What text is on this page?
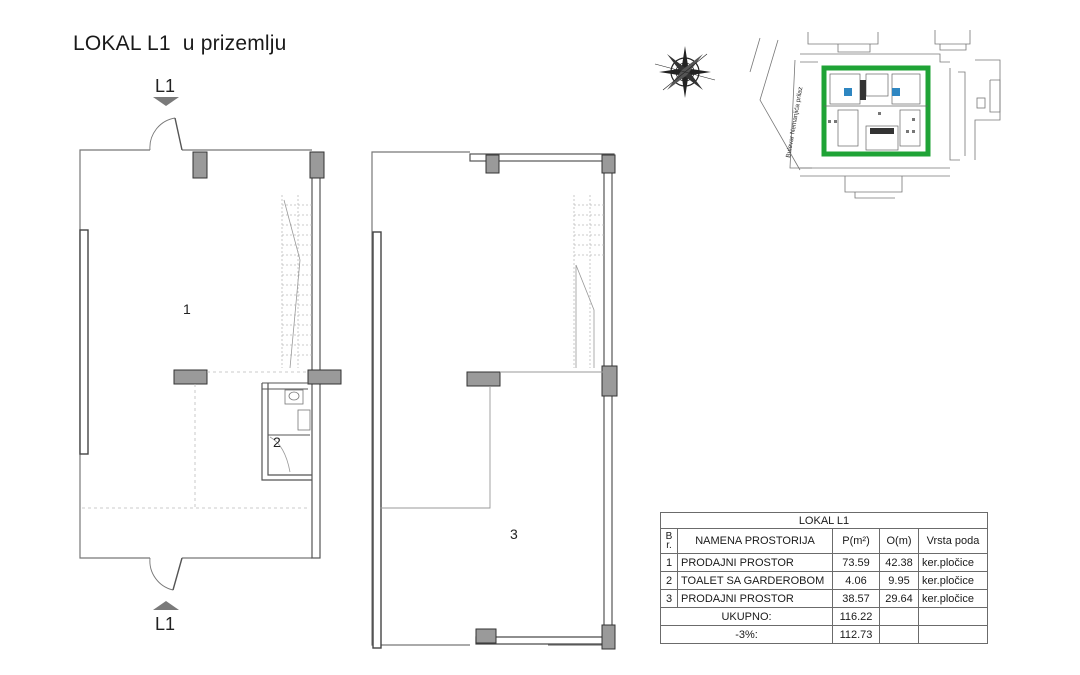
Bulevar Nemanjića prilaz
L1
L1
1
2
3
LOKAL L1  u prizemlju
LOKAL L1				
Br.	NAMENA PROSTORIJA	P(m²)	O(m)	Vrsta poda
1	PRODAJNI PROSTOR	73.59	42.38	ker.pločice
2	TOALET SA GARDEROBOM	4.06	9.95	ker.pločice
3	PRODAJNI PROSTOR	38.57	29.64	ker.pločice
UKUPNO:		116.22		
-3%:		112.73		
